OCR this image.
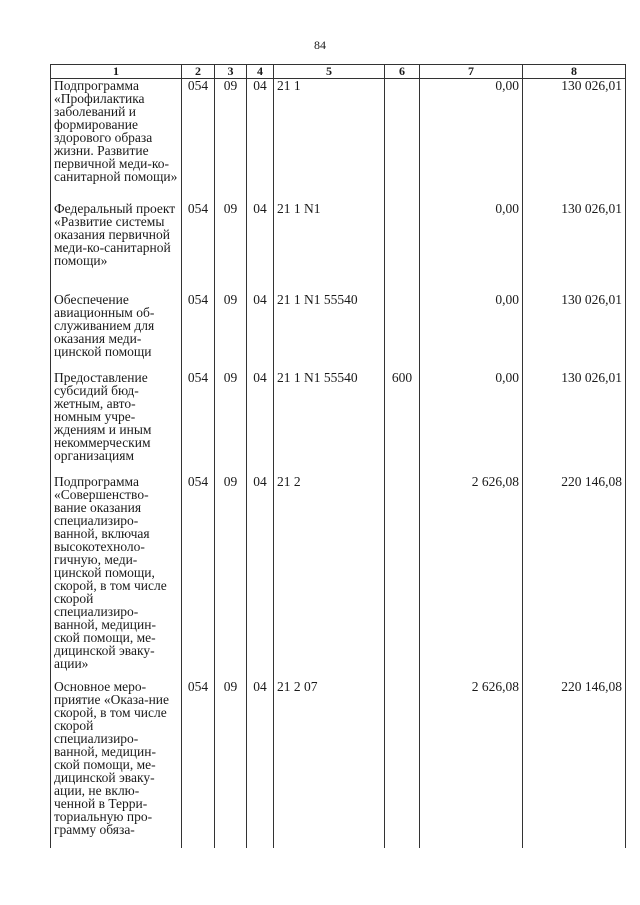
84
1	2	3	4	5	6	7	8
Подпрограмма «Профилактика заболеваний и формирование здорового образа жизни. Развитие первичной меди-ко-санитарной помощи»	054	09	04	21 1		0,00	130 026,01
Федеральный проект «Развитие системы оказания первичной меди-ко-санитарной помощи»	054	09	04	21 1 N1		0,00	130 026,01
Обеспечение авиационным об-служиванием для оказания меди-цинской помощи	054	09	04	21 1 N1 55540		0,00	130 026,01
Предоставление субсидий бюд-жетным, авто-номным учре-ждениям и иным некоммерческим организациям	054	09	04	21 1 N1 55540	600	0,00	130 026,01
Подпрограмма «Совершенство-вание оказания специализиро-ванной, включая высокотехноло-гичную, меди-цинской помощи, скорой, в том числе скорой специализиро-ванной, медицин-ской помощи, ме-дицинской эваку-ации»	054	09	04	21 2		2 626,08	220 146,08
Основное меро-приятие «Оказа-ние скорой, в том числе скорой специализиро-ванной, медицин-ской помощи, ме-дицинской эваку-ации, не вклю-ченной в Терри-ториальную про-грамму обяза-	054	09	04	21 2 07		2 626,08	220 146,08
